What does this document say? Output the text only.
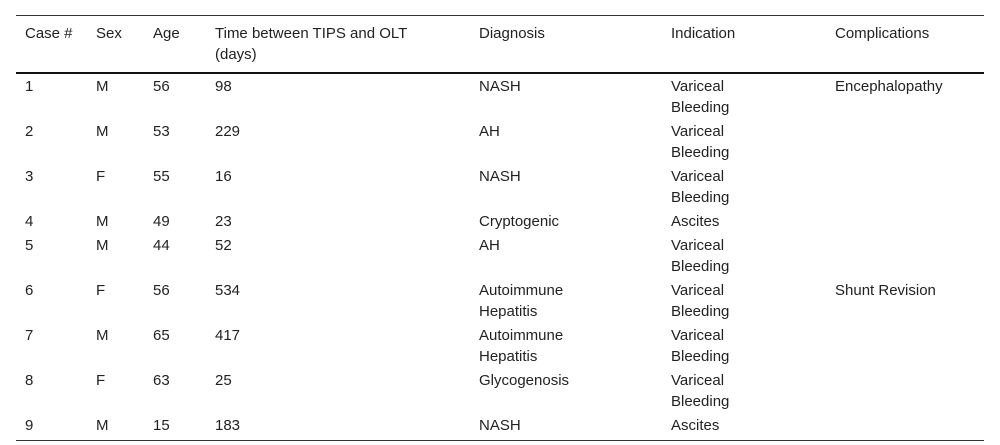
Case #	Sex	Age	Time between TIPS and OLT (days)	Diagnosis	Indication	Complications
1	M	56	98	NASH	Variceal Bleeding	Encephalopathy
2	M	53	229	AH	Variceal Bleeding	

3	F	55	16	NASH	Variceal Bleeding	

4	M	49	23	Cryptogenic	Ascites	

5	M	44	52	AH	Variceal Bleeding	

6	F	56	534	Autoimmune Hepatitis	Variceal Bleeding	Shunt Revision
7	M	65	417	Autoimmune Hepatitis	Variceal Bleeding	

8	F	63	25	Glycogenosis	Variceal Bleeding	

9	M	15	183	NASH	Ascites	
